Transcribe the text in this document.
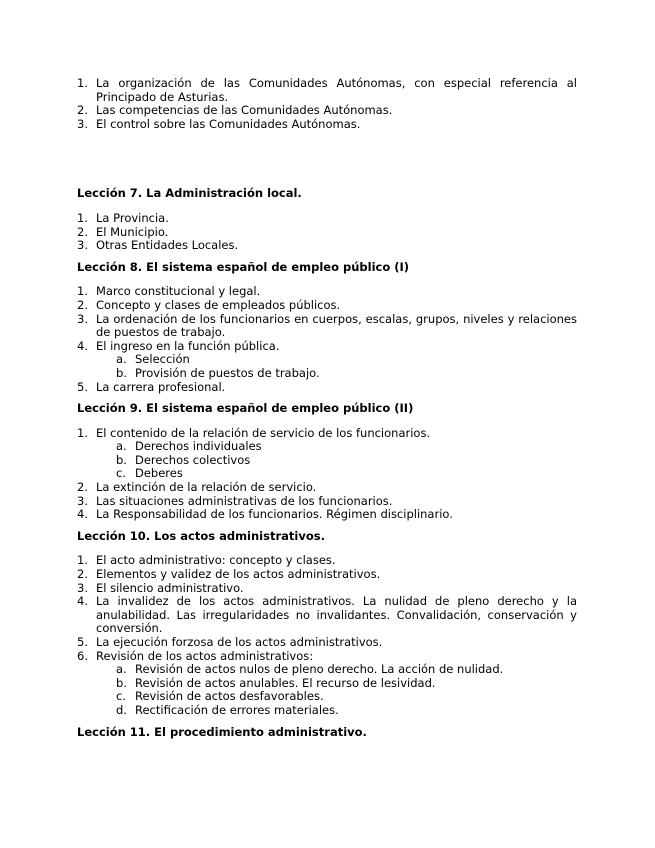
1. La organización de las Comunidades Autónomas, con especial referencia al Principado de Asturias.
2. Las competencias de las Comunidades Autónomas.
3. El control sobre las Comunidades Autónomas.

Lección 7. La Administración local.

1. La Provincia.
2. El Municipio.
3. Otras Entidades Locales.

Lección 8. El sistema español de empleo público (I)

1. Marco constitucional y legal.
2. Concepto y clases de empleados públicos.
3. La ordenación de los funcionarios en cuerpos, escalas, grupos, niveles y relaciones de puestos de trabajo.
4. El ingreso en la función pública.
a. Selección
b. Provisión de puestos de trabajo.
5. La carrera profesional.

Lección 9. El sistema español de empleo público (II)

1. El contenido de la relación de servicio de los funcionarios.
a. Derechos individuales
b. Derechos colectivos
c. Deberes
2. La extinción de la relación de servicio.
3. Las situaciones administrativas de los funcionarios.
4. La Responsabilidad de los funcionarios. Régimen disciplinario.

Lección 10. Los actos administrativos.

1. El acto administrativo: concepto y clases.
2. Elementos y validez de los actos administrativos.
3. El silencio administrativo.
4. La invalidez de los actos administrativos. La nulidad de pleno derecho y la anulabilidad. Las irregularidades no invalidantes. Convalidación, conservación y conversión.
5. La ejecución forzosa de los actos administrativos.
6. Revisión de los actos administrativos:
a. Revisión de actos nulos de pleno derecho. La acción de nulidad.
b. Revisión de actos anulables. El recurso de lesividad.
c. Revisión de actos desfavorables.
d. Rectificación de errores materiales.

Lección 11. El procedimiento administrativo.
